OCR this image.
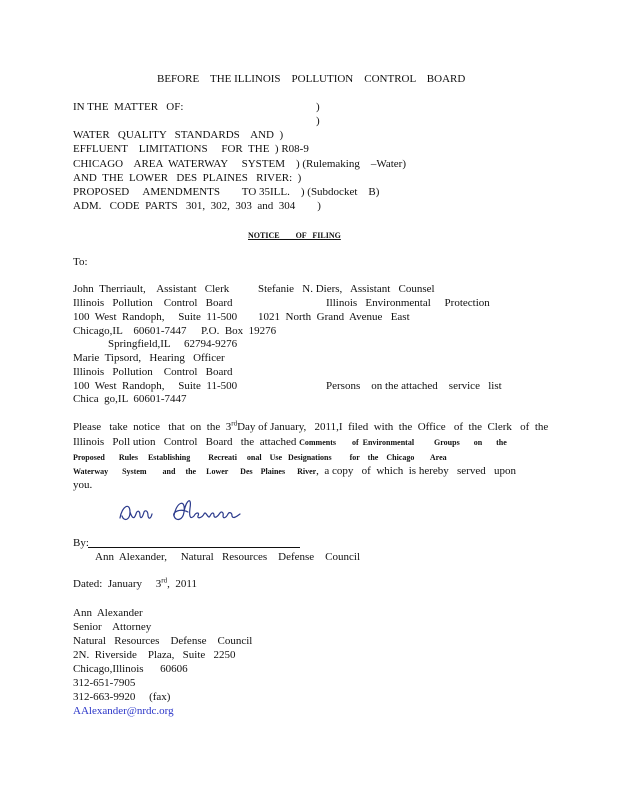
BEFORE    THE ILLINOIS    POLLUTION    CONTROL    BOARD
IN THE  MATTER   OF:	)
)
WATER   QUALITY   STANDARDS    AND  )
EFFLUENT    LIMITATIONS     FOR  THE  ) R08-9
CHICAGO    AREA  WATERWAY     SYSTEM    ) (Rulemaking    –Water)
AND  THE  LOWER   DES  PLAINES   RIVER:  )
PROPOSED     AMENDMENTS        TO 35ILL.    ) (Subdocket    B)
ADM.   CODE  PARTS   301,  302,  303  and  304        )
NOTICE        OF   FILING
To:
John  Therriault,    Assistant   Clerk	Stefanie   N. Diers,   Assistant   Counsel
Illinois   Pollution    Control   Board	Illinois   Environmental     Protection
100  West  Randoph,     Suite  11-500 1021  North  Grand  Avenue   East
Chicago,IL    60601-7447 P.O.  Box  19276
Springfield,IL     62794-9276
Marie  Tipsord,   Hearing   Officer
Illinois   Pollution    Control   Board
100  West  Randoph,     Suite  11-500	Persons    on the attached    service   list
Chica  go,IL  60601-7447
Please   take  notice   that  on  the  3rdDay of January,   2011,I  filed  with  the  Office   of  the  Clerk   of  the
Illinois   Poll ution   Control   Board   the  attached Comments        of  Environmental          Groups       on       the
Proposed       Rules     Establishing         Recreati     onal    Use   Designations         for    the    Chicago        Area
Waterway       System        and     the     Lower      Des    Plaines      River,  a copy   of  which  is hereby   served   upon
you.
Ann Alexander
By:
Ann  Alexander,     Natural   Resources    Defense    Council
Dated:  January     3rd,  2011
Ann  Alexander
Senior    Attorney
Natural   Resources    Defense    Council
2N.  Riverside    Plaza,   Suite   2250
Chicago,Illinois      60606
312-651-7905
312-663-9920     (fax)
AAlexander@nrdc.org
